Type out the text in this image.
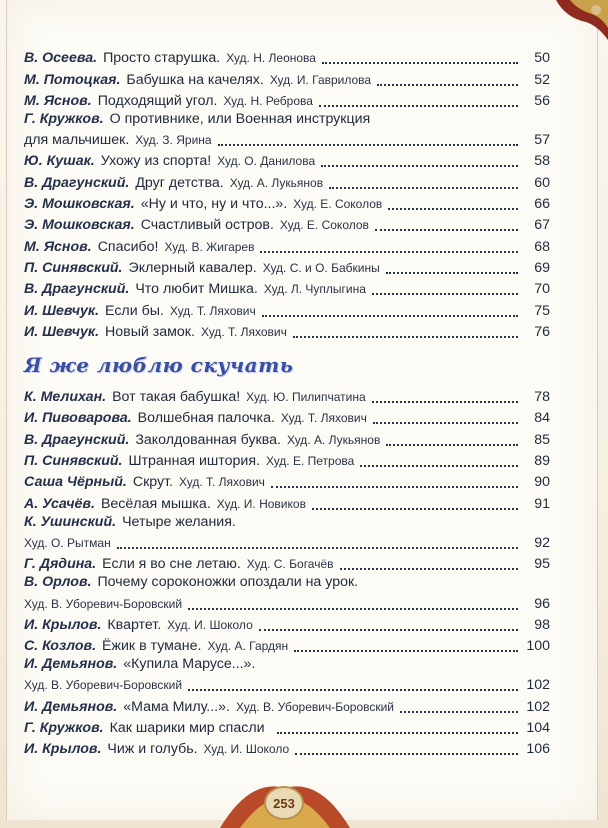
В. Осеева. Просто старушка. Худ. Н. Леонова	50
М. Потоцкая. Бабушка на качелях. Худ. И. Гаврилова	52
М. Яснов. Подходящий угол. Худ. Н. Реброва	56
Г. Кружков. О противнике, или Военная инструкция
для мальчишек. Худ. З. Ярина	57
Ю. Кушак. Ухожу из спорта! Худ. О. Данилова	58
В. Драгунский. Друг детства. Худ. А. Лукьянов	60
Э. Мошковская. «Ну и что, ну и что...». Худ. Е. Соколов	66
Э. Мошковская. Счастливый остров. Худ. Е. Соколов	67
М. Яснов. Спасибо! Худ. В. Жигарев	68
П. Синявский. Эклерный кавалер. Худ. С. и О. Бабкины	69
В. Драгунский. Что любит Мишка. Худ. Л. Чуплыгина	70
И. Шевчук. Если бы. Худ. Т. Ляхович	75
И. Шевчук. Новый замок. Худ. Т. Ляхович	76
Я же люблю скучать
К. Мелихан. Вот такая бабушка! Худ. Ю. Пилипчатина	78
И. Пивоварова. Волшебная палочка. Худ. Т. Ляхович	84
В. Драгунский. Заколдованная буква. Худ. А. Лукьянов	85
П. Синявский. Штранная иштория. Худ. Е. Петрова	89
Саша Чёрный. Скрут. Худ. Т. Ляхович	90
А. Усачёв. Весёлая мышка. Худ. И. Новиков	91
К. Ушинский. Четыре желания.
Худ. О. Рытман	92
Г. Дядина. Если я во сне летаю. Худ. С. Богачёв	95
В. Орлов. Почему сороконожки опоздали на урок.
Худ. В. Уборевич-Боровский	96
И. Крылов. Квартет. Худ. И. Шоколо	98
С. Козлов. Ёжик в тумане. Худ. А. Гардян	100
И. Демьянов. «Купила Марусе...».
Худ. В. Уборевич-Боровский	102
И. Демьянов. «Мама Милу...». Худ. В. Уборевич-Боровский	102
Г. Кружков. Как шарики мир спасли	104
И. Крылов. Чиж и голубь. Худ. И. Шоколо	106
253
